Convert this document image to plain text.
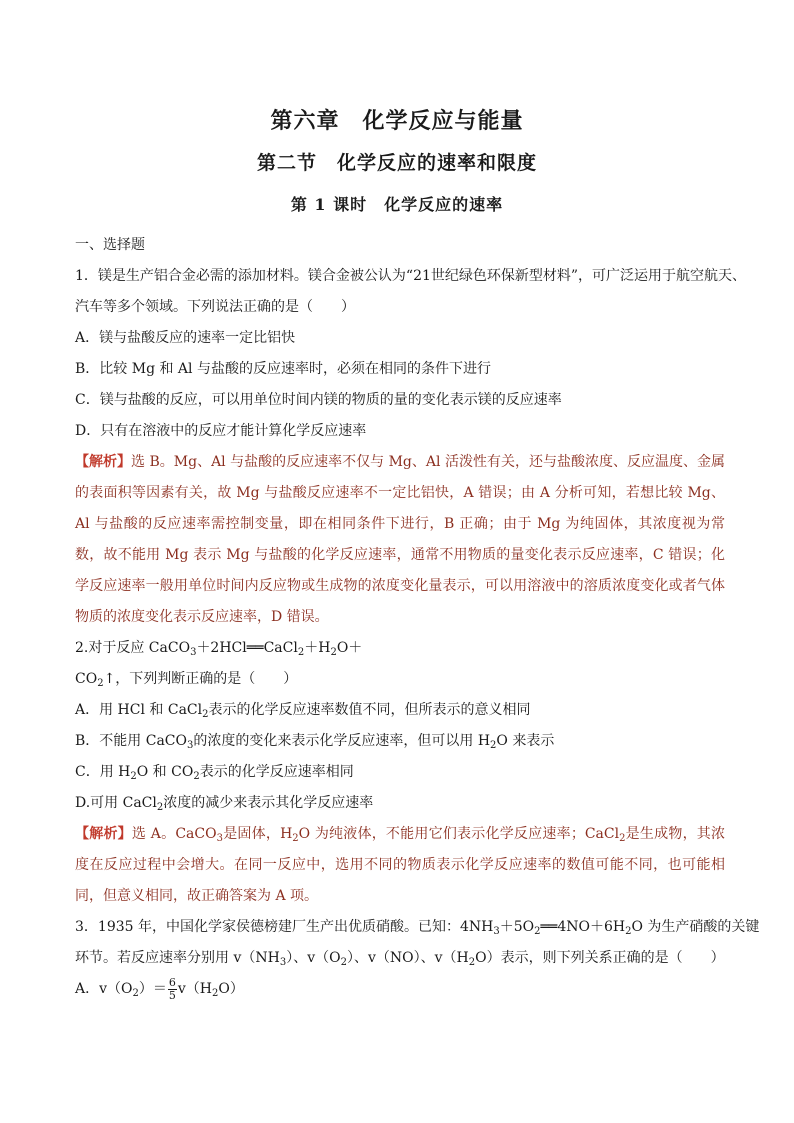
第六章　化学反应与能量
第二节　化学反应的速率和限度
第 1 课时　化学反应的速率
一、选择题
1．镁是生产铝合金必需的添加材料。镁合金被公认为“21世纪绿色环保新型材料”，可广泛运用于航空航天、
汽车等多个领域。下列说法正确的是（　　）
A．镁与盐酸反应的速率一定比铝快
B．比较 Mg 和 Al 与盐酸的反应速率时，必须在相同的条件下进行
C．镁与盐酸的反应，可以用单位时间内镁的物质的量的变化表示镁的反应速率
D．只有在溶液中的反应才能计算化学反应速率
【解析】选 B。Mg、Al 与盐酸的反应速率不仅与 Mg、Al 活泼性有关，还与盐酸浓度、反应温度、金属的表面积等因素有关，故 Mg 与盐酸反应速率不一定比铝快，A 错误；由 A 分析可知，若想比较 Mg、Al 与盐酸的反应速率需控制变量，即在相同条件下进行，B 正确；由于 Mg 为纯固体，其浓度视为常数，故不能用 Mg 表示 Mg 与盐酸的化学反应速率，通常不用物质的量变化表示反应速率，C 错误；化学反应速率一般用单位时间内反应物或生成物的浓度变化量表示，可以用溶液中的溶质浓度变化或者气体物质的浓度变化表示反应速率，D 错误。
2.对于反应 $CaCO_3+2HCl══CaCl_2+H_2O+$
$CO_2↑$，下列判断正确的是（　　）
A．用 HCl 和 CaCl$_2$表示的化学反应速率数值不同，但所表示的意义相同
B．不能用 CaCO$_3$的浓度的变化来表示化学反应速率，但可以用 $H_2O$ 来表示
C．用 $H_2O$ 和 $CO_2$表示的化学反应速率相同
D.可用 CaCl$_2$浓度的减少来表示其化学反应速率
【解析】选 A。CaCO$_3$是固体，$H_2O$ 为纯液体，不能用它们表示化学反应速率；CaCl$_2$是生成物，其浓度在反应过程中会增大。在同一反应中，选用不同的物质表示化学反应速率的数值可能不同，也可能相同，但意义相同，故正确答案为 A 项。
3．1935 年，中国化学家侯德榜建厂生产出优质硝酸。已知：$4NH_3+5O_2══4NO+6H_2O$ 为生产硝酸的关键
环节。若反应速率分别用 $v(NH_3)$、$v(O_2)$、v（NO）、$v(H_2O)$表示，则下列关系正确的是（　　）
A．$v(O_2)= \frac{6}{5} v(H_2O)$
